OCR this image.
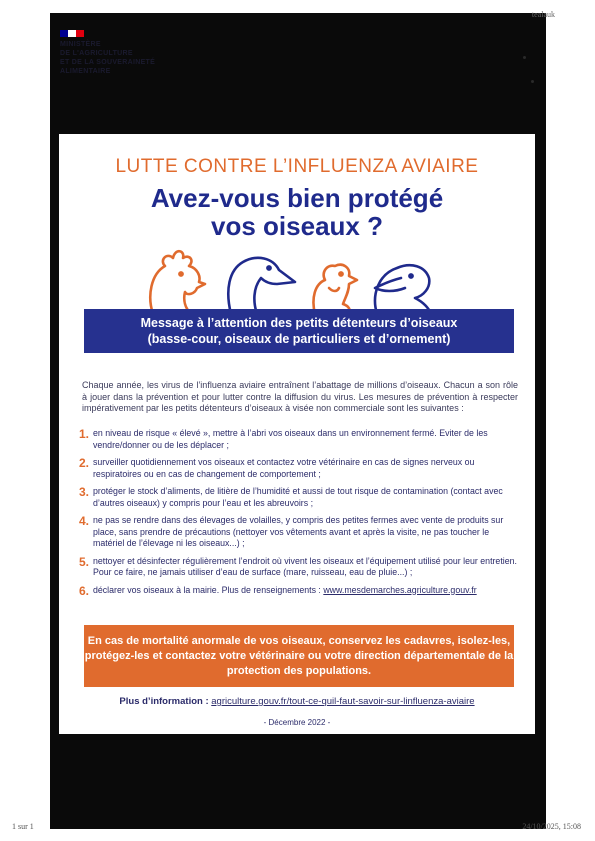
tealauk
MINISTÈRE
DE L'AGRICULTURE
ET DE LA SOUVERAINETÉ
ALIMENTAIRE
LUTTE CONTRE L’INFLUENZA AVIAIRE
Avez-vous bien protégé
vos oiseaux ?
Message à l’attention des petits détenteurs d’oiseaux
(basse-cour, oiseaux de particuliers et d’ornement)
Chaque année, les virus de l’influenza aviaire entraînent l’abattage de millions d’oiseaux. Chacun a son rôle à jouer dans la prévention et pour lutter contre la diffusion du virus. Les mesures de prévention à respecter impérativement par les petits détenteurs d’oiseaux à visée non commerciale sont les suivantes :
1. en niveau de risque « élevé », mettre à l’abri vos oiseaux dans un environnement fermé. Eviter de les vendre/donner ou de les déplacer ;
2. surveiller quotidiennement vos oiseaux et contactez votre vétérinaire en cas de signes nerveux ou respiratoires ou en cas de changement de comportement ;
3. protéger le stock d’aliments, de litière de l’humidité et aussi de tout risque de contamination (contact avec d’autres oiseaux) y compris pour l’eau et les abreuvoirs ;
4. ne pas se rendre dans des élevages de volailles, y compris des petites fermes avec vente de produits sur place, sans prendre de précautions (nettoyer vos vêtements avant et après la visite, ne pas toucher le matériel de l’élevage ni les oiseaux...) ;
5. nettoyer et désinfecter régulièrement l’endroit où vivent les oiseaux et l’équipement utilisé pour leur entretien. Pour ce faire, ne jamais utiliser d’eau de surface (mare, ruisseau, eau de pluie...) ;
6. déclarer vos oiseaux à la mairie. Plus de renseignements : www.mesdemarches.agriculture.gouv.fr
En cas de mortalité anormale de vos oiseaux, conservez les cadavres, isolez-les, protégez-les et contactez votre vétérinaire ou votre direction départementale de la protection des populations.
Plus d’information : agriculture.gouv.fr/tout-ce-quil-faut-savoir-sur-linfluenza-aviaire
- Décembre 2022 -
1 sur 1	24/10/2025, 15:08
